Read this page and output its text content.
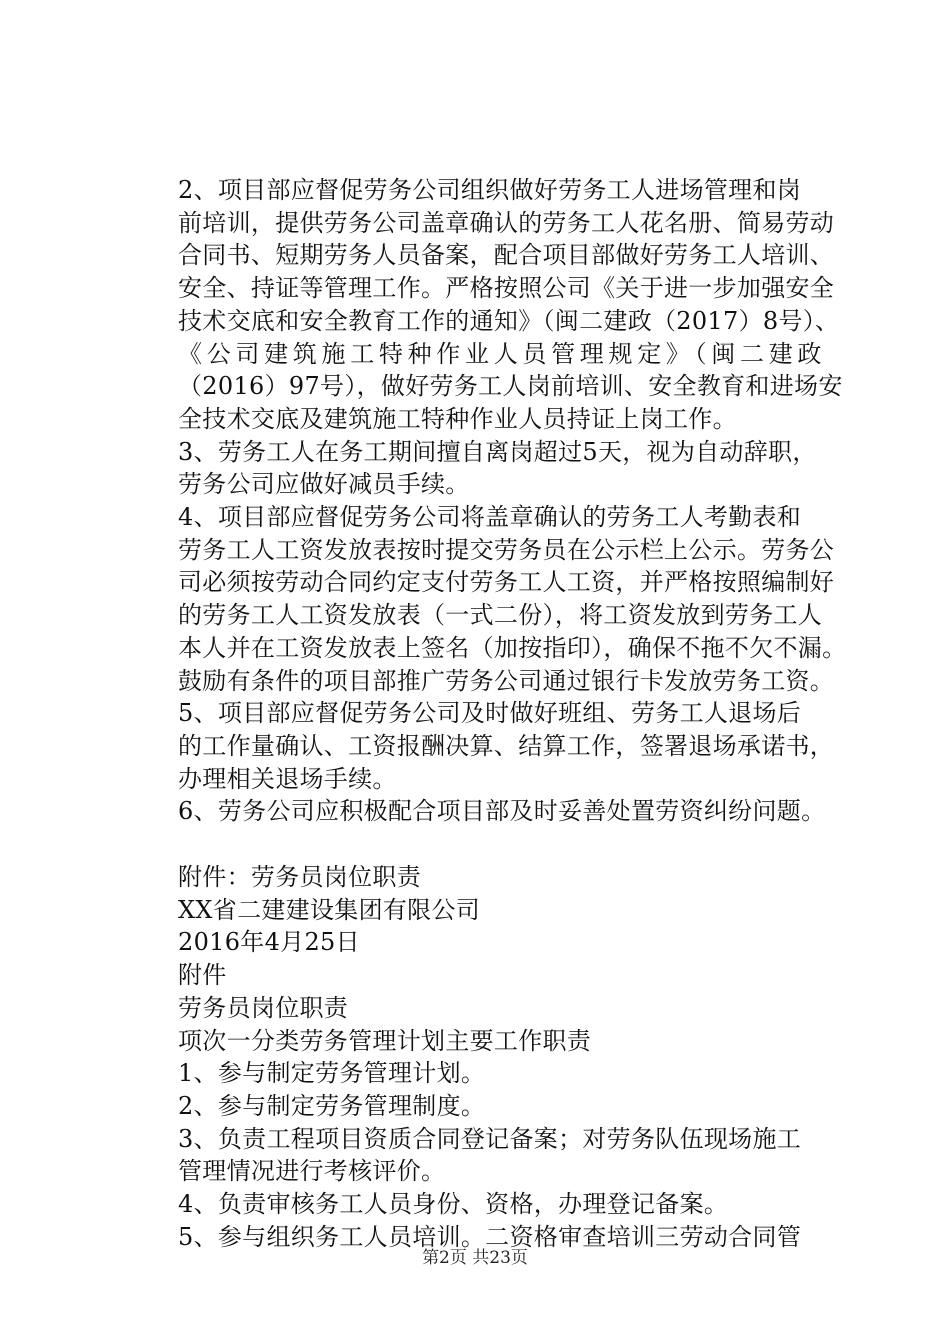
2、项目部应督促劳务公司组织做好劳务工人进场管理和岗
前培训，提供劳务公司盖章确认的劳务工人花名册、简易劳动
合同书、短期劳务人员备案，配合项目部做好劳务工人培训、
安全、持证等管理工作。严格按照公司《关于进一步加强安全
技术交底和安全教育工作的通知》（闽二建政（2017）8号）、
《公司建筑施工特种作业人员管理规定》（闽二建政
（2016）97号），做好劳务工人岗前培训、安全教育和进场安
全技术交底及建筑施工特种作业人员持证上岗工作。

3、劳务工人在务工期间擅自离岗超过5天，视为自动辞职，
劳务公司应做好减员手续。

4、项目部应督促劳务公司将盖章确认的劳务工人考勤表和
劳务工人工资发放表按时提交劳务员在公示栏上公示。劳务公
司必须按劳动合同约定支付劳务工人工资，并严格按照编制好
的劳务工人工资发放表（一式二份），将工资发放到劳务工人
本人并在工资发放表上签名（加按指印），确保不拖不欠不漏。
鼓励有条件的项目部推广劳务公司通过银行卡发放劳务工资。

5、项目部应督促劳务公司及时做好班组、劳务工人退场后
的工作量确认、工资报酬决算、结算工作，签署退场承诺书，
办理相关退场手续。

6、劳务公司应积极配合项目部及时妥善处置劳资纠纷问题。

附件：劳务员岗位职责

XX省二建建设集团有限公司

2016年4月25日

附件

劳务员岗位职责

项次一分类劳务管理计划主要工作职责

1、参与制定劳务管理计划。

2、参与制定劳务管理制度。

3、负责工程项目资质合同登记备案；对劳务队伍现场施工
管理情况进行考核评价。

4、负责审核务工人员身份、资格，办理登记备案。

5、参与组织务工人员培训。二资格审查培训三劳动合同管

第2页 共23页
